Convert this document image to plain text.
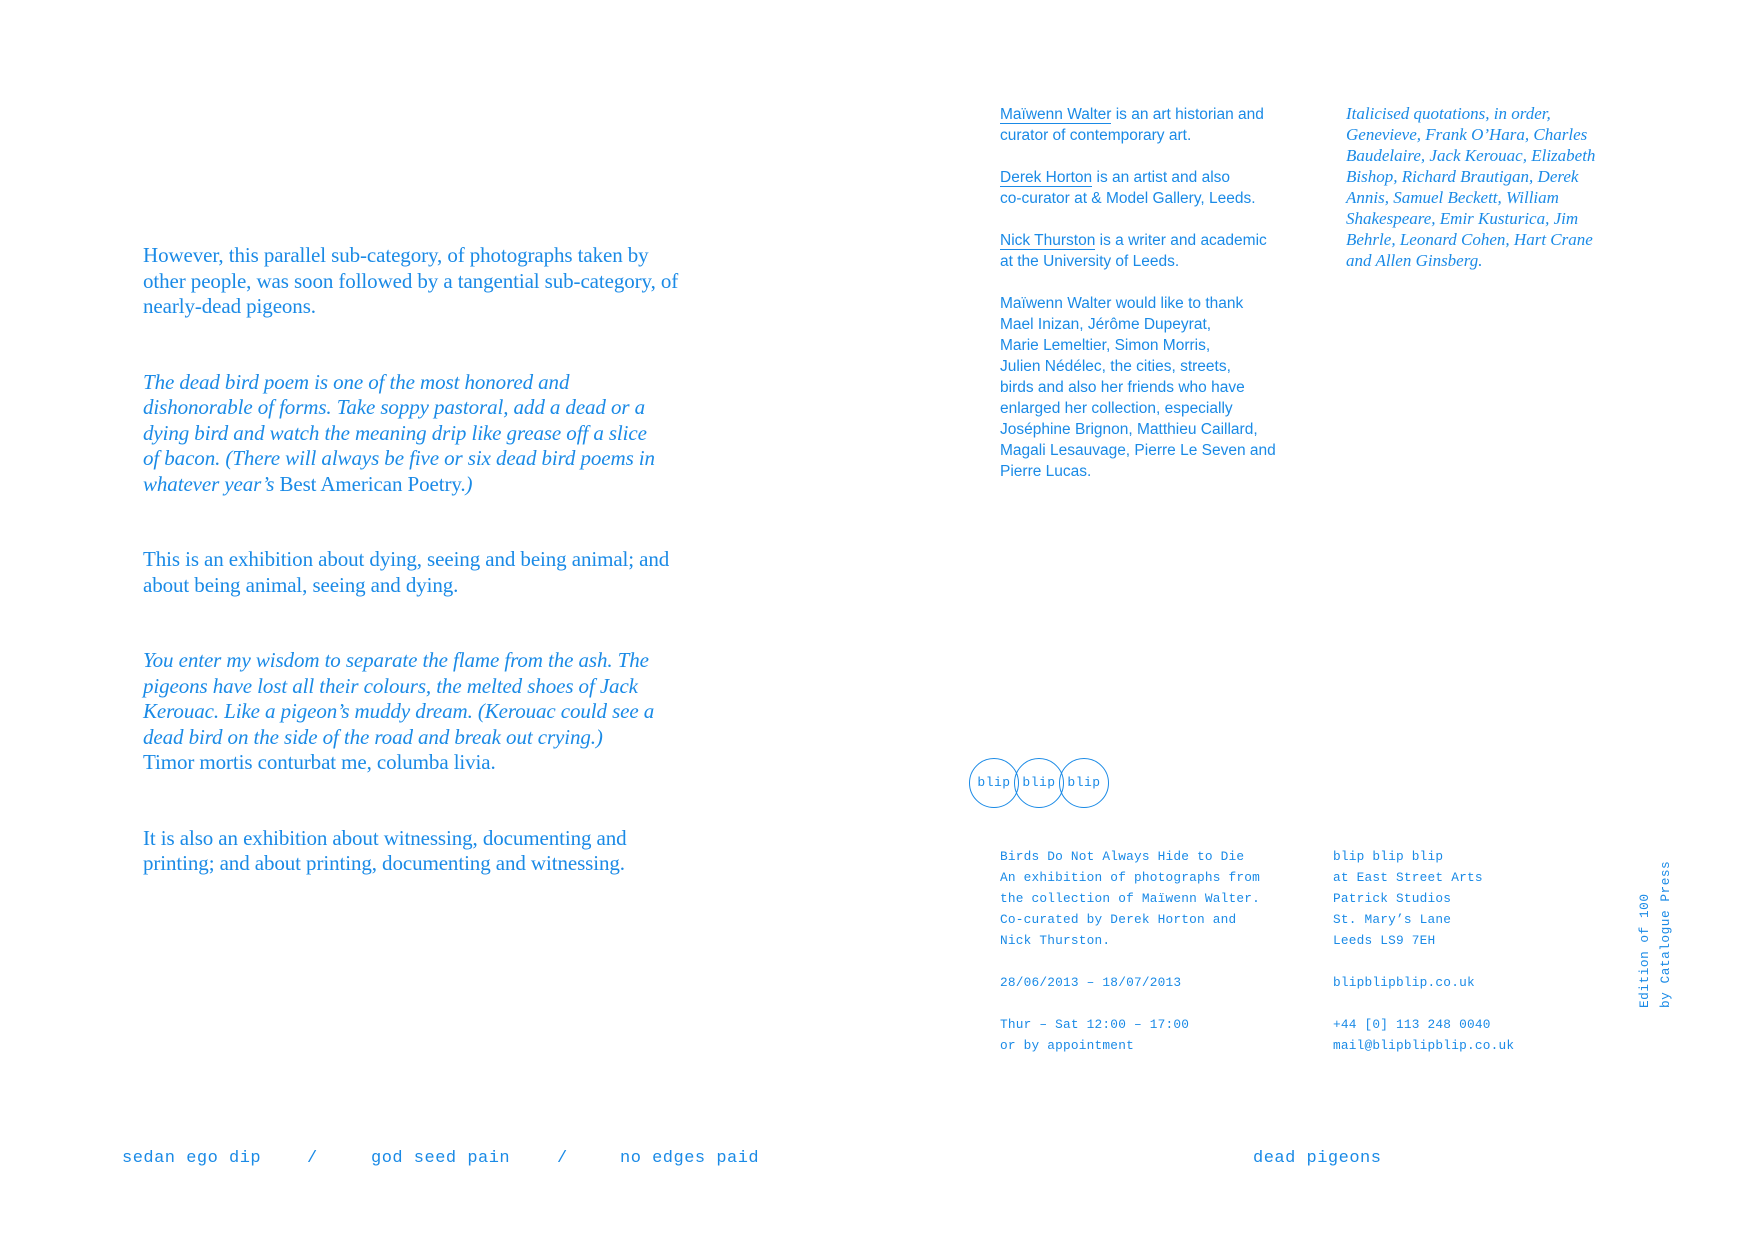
However, this parallel sub-category, of photographs taken by
other people, was soon followed by a tangential sub-category, of
nearly-dead pigeons.

The dead bird poem is one of the most honored and
dishonorable of forms. Take soppy pastoral, add a dead or a
dying bird and watch the meaning drip like grease off a slice
of bacon. (There will always be five or six dead bird poems in
whatever year’s Best American Poetry.)

This is an exhibition about dying, seeing and being animal; and
about being animal, seeing and dying.

You enter my wisdom to separate the flame from the ash. The
pigeons have lost all their colours, the melted shoes of Jack
Kerouac. Like a pigeon’s muddy dream. (Kerouac could see a
dead bird on the side of the road and break out crying.)
Timor mortis conturbat me, columba livia.

It is also an exhibition about witnessing, documenting and
printing; and about printing, documenting and witnessing.

Maïwenn Walter is an art historian and
curator of contemporary art.
Derek Horton is an artist and also
co-curator at & Model Gallery, Leeds.
Nick Thurston is a writer and academic
at the University of Leeds.
Maïwenn Walter would like to thank
Mael Inizan, Jérôme Dupeyrat,
Marie Lemeltier, Simon Morris,
Julien Nédélec, the cities, streets,
birds and also her friends who have
enlarged her collection, especially
Joséphine Brignon, Matthieu Caillard,
Magali Lesauvage, Pierre Le Seven and
Pierre Lucas.
Italicised quotations, in order,
Genevieve, Frank O’Hara, Charles
Baudelaire, Jack Kerouac, Elizabeth
Bishop, Richard Brautigan, Derek
Annis, Samuel Beckett, William
Shakespeare, Emir Kusturica, Jim
Behrle, Leonard Cohen, Hart Crane
and Allen Ginsberg.
blip blip blip
Birds Do Not Always Hide to Die
An exhibition of photographs from
the collection of Maïwenn Walter.
Co-curated by Derek Horton and
Nick Thurston.
28/06/2013 – 18/07/2013
Thur – Sat 12:00 – 17:00
or by appointment
blip blip blip
at East Street Arts
Patrick Studios
St. Mary’s Lane
Leeds LS9 7EH
blipblipblip.co.uk
+44 [0] 113 248 0040
mail@blipblipblip.co.uk
Edition of 100 by Catalogue Press
sedan ego dip	/	god seed pain	/	no edges paid	dead pigeons
